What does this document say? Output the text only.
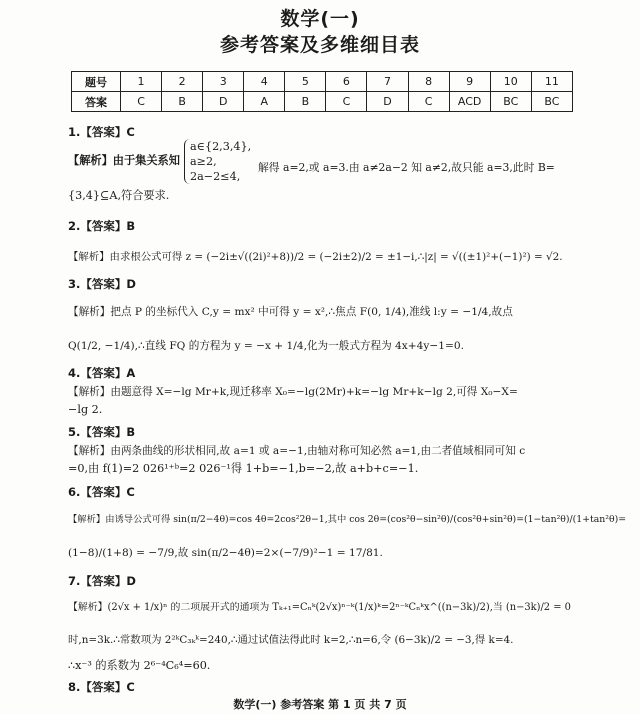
数学(一)
参考答案及多维细目表
题号	1	2	3	4	5	6	7	8	9	10	11
答案	C	B	D	A	B	C	D	C	ACD	BC	BC
1.【答案】C
【解析】由于集关系知
a∈{2,3,4},
a≥2,
2a−2≤4,
解得 a=2,或 a=3.由 a≠2a−2 知 a≠2,故只能 a=3,此时 B=
{3,4}⊆A,符合要求.
2.【答案】B
【解析】由求根公式可得 z = (−2i±√((2i)²+8))/2 = (−2i±2)/2 = ±1−i,∴|z| = √((±1)²+(−1)²) = √2.
3.【答案】D
【解析】把点 P 的坐标代入 C,y = mx² 中可得 y = x²,∴焦点 F(0, 1/4),准线 l:y = −1/4,故点
Q(1/2, −1/4),∴直线 FQ 的方程为 y = −x + 1/4,化为一般式方程为 4x+4y−1=0.
4.【答案】A
【解析】由题意得 X=−lg Mr+k,现迁移率 X₀=−lg(2Mr)+k=−lg Mr+k−lg 2,可得 X₀−X=
−lg 2.
5.【答案】B
【解析】由两条曲线的形状相同,故 a=1 或 a=−1,由轴对称可知必然 a=1,由二者值域相同可知 c
=0,由 f(1)=2 026¹⁺ᵇ=2 026⁻¹得 1+b=−1,b=−2,故 a+b+c=−1.
6.【答案】C
【解析】由诱导公式可得 sin(π/2−4θ)=cos 4θ=2cos²2θ−1,其中 cos 2θ=(cos²θ−sin²θ)/(cos²θ+sin²θ)=(1−tan²θ)/(1+tan²θ)=
(1−8)/(1+8) = −7/9,故 sin(π/2−4θ)=2×(−7/9)²−1 = 17/81.
7.【答案】D
【解析】(2√x + 1/x)ⁿ 的二项展开式的通项为 Tₖ₊₁=Cₙᵏ(2√x)ⁿ⁻ᵏ(1/x)ᵏ=2ⁿ⁻ᵏCₙᵏx^((n−3k)/2),当 (n−3k)/2 = 0
时,n=3k.∴常数项为 2²ᵏC₃ₖᵏ=240,∴通过试值法得此时 k=2,∴n=6,令 (6−3k)/2 = −3,得 k=4.
∴x⁻³ 的系数为 2⁶⁻⁴C₆⁴=60.
8.【答案】C
数学(一) 参考答案 第 1 页 共 7 页
